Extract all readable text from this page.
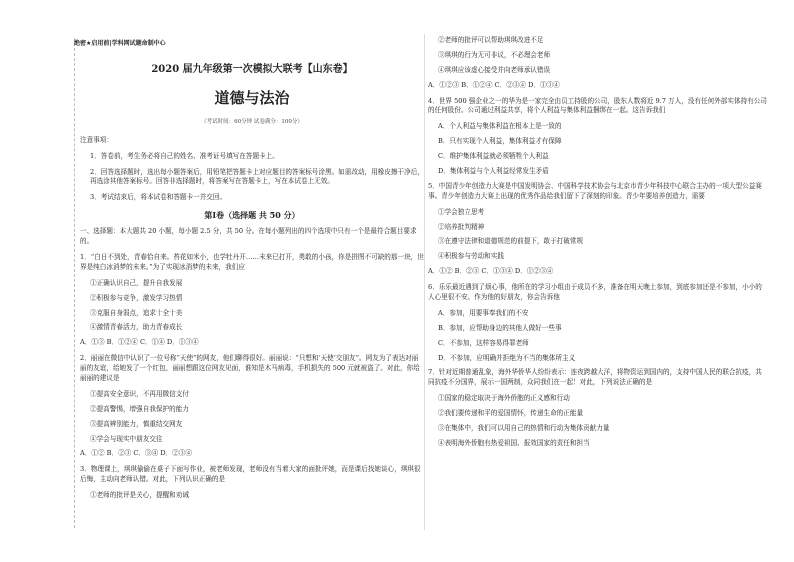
绝密★启用前|学科网试题命制中心
2020 届九年级第一次模拟大联考【山东卷】
道德与法治
（考试时间：60分钟 试卷满分：100分）
注意事项：
1．答卷前，考生务必将自己的姓名、准考证号填写在答题卡上。
2．回答选择题时，选出每小题答案后，用铅笔把答题卡上对应题目的答案标号涂黑。如需改动，用橡皮擦干净后，再选涂其他答案标号。回答非选择题时，将答案写在答题卡上，写在本试卷上无效。
3．考试结束后，将本试卷和答题卡一并交回。
第Ⅰ卷（选择题 共 50 分）
一、选择题：本大题共 20 小题，每小题 2.5 分，共 50 分。在每小题列出的四个选项中只有一个是最符合题目要求的。
1．“白日不到处，青春恰自来。苔花如米小，也学牡丹开……未来已打开，勇敢的小孩，你是拼图不可缺的那一块，世界是纯白冰消梦的未来。”为了实现冰消梦的未来，我们应
①正确认识自己，提升自我发展
②积极参与竞争，激发学习热情
③克服自身弱点，追求十全十美
④激情青春活力，助力青春成长
A．①③ B．①②④ C．①④ D．①③④
2．丽丽在微信中认识了一位号称“天使”的网友，他们聊得很好。丽丽说：“只想和‘天使’交朋友”。网友为了表达对丽丽的友谊，给她发了一个红包，丽丽想跟这位网友见面，谁知是木马病毒，手机损失的 500 元就被盗了。对此，你给丽丽的建议是
①提高安全意识，不再用微信支付
②提高警惕，增强自我保护的能力
③提高辨别能力，慎重结交网友
④学会与现实中朋友交往
A．①② B．②③ C．③④ D．②③④
3．物理课上，琪琪偷偷在桌子下面写作业，被老师发现，老师没有当着大家的面批评她，而是课后找她谈心，琪琪很后悔，主动向老师认错。对此，下列认识正确的是
①老师的批评是关心，提醒和劝诫
②老师的批评可以帮助琪琪改进不足
③琪琪的行为无可非议，不必理会老师
④琪琪应该虚心接受并向老师承认错误
A．①②③ B．①②④ C．②③④ D．①③④
4．世界 500 强企业之一的华为是一家完全由员工持股的公司，股东人数将近 9.7 万人，没有任何外部实体持有公司的任何股份。公司通过利益共享，将个人利益与集体利益捆绑在一起。这告诉我们
A．个人利益与集体利益在根本上是一致的
B．只有实现个人利益，集体利益才有保障
C．维护集体利益就必须牺牲个人利益
D．集体利益与个人利益经常发生矛盾
5．中国青少年创造力大赛是中国发明协会、中国科学技术协会与北京市青少年科技中心联合主办的一项大型公益赛事。青少年创造力大赛上出现的优秀作品给我们留下了深刻的印象。青少年要培养创造力，需要
①学会独立思考
②培养批判精神
③在遵守法律和道德规范的前提下，敢于打破常规
④积极参与劳动和实践
A．①② B．②③ C．①③④ D．①②③④
6．乐乐最近遇到了烦心事，他所在的学习小组由于成员不多，准备在明天晚上参加，到底参加还是不参加，小小的人心里很不安。作为他的好朋友，你会告诉他
A．参加，用要事奉我们的不安
B．参加，应帮助身边的其他人做好一些事
C．不参加，这样容易得罪老师
D．不参加，应明确并拒绝为不当的集体所主义
7．针对近期普通乱象，海外华侨华人纷纷表示：连夜跨越大洋，将物资运到国内的，支持中国人民的联合抗疫，共同抗疫不分国界，展示一国两制，众同我们在一起！对此，下列说法正确的是
①国家的稳定取决于海外侨胞的正义感和行动
②我们要传递和平的爱国情怀，传递生命的正能量
③在集体中，我们可以用自己的热情和行动为集体贡献力量
④表明海外侨胞有热爱祖国、报效国家的责任和担当
